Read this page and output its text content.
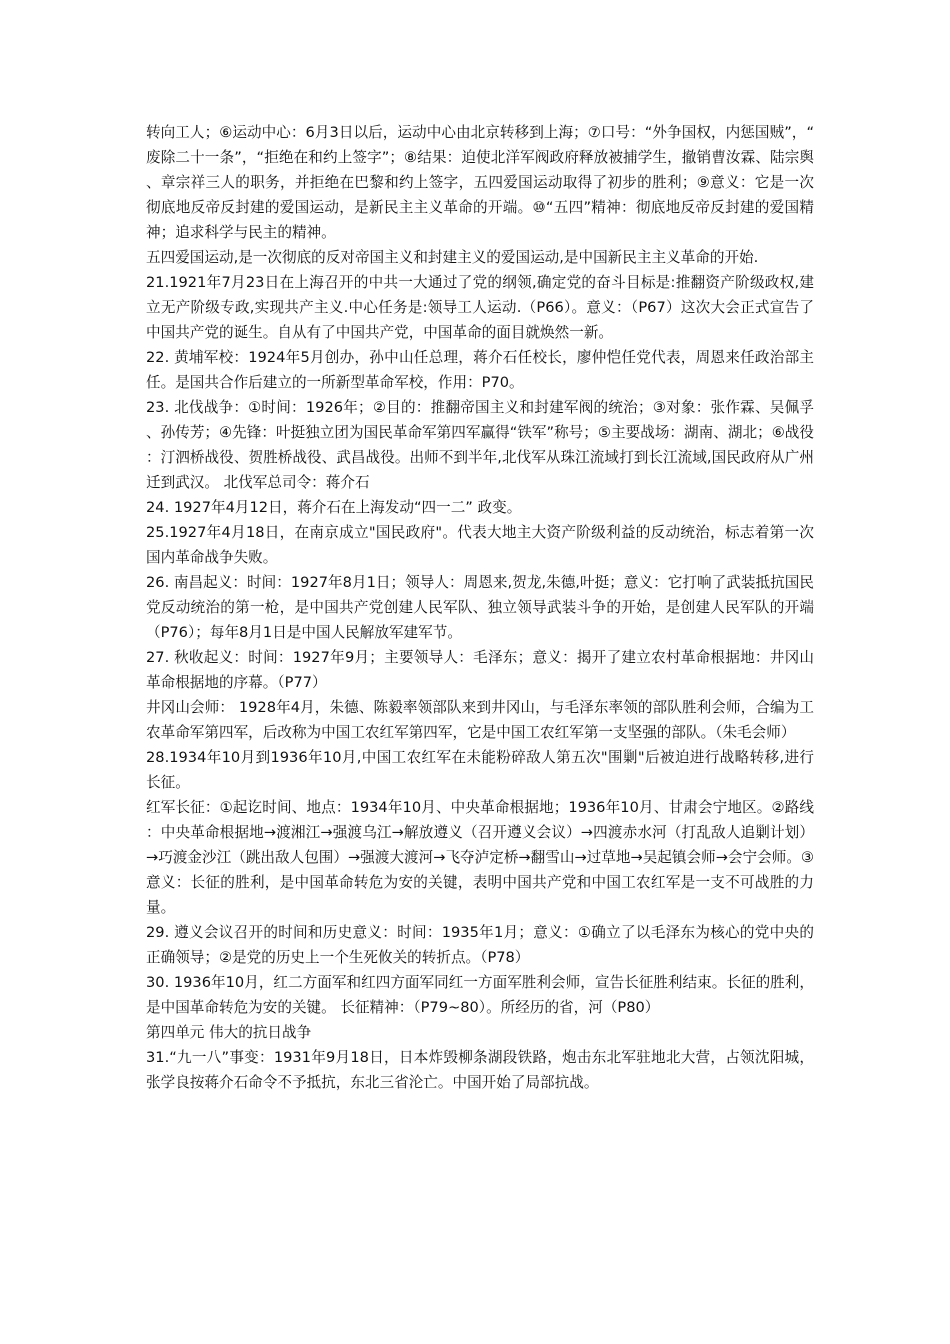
转向工人；⑥运动中心：6月3日以后，运动中心由北京转移到上海；⑦口号：“外争国权，内惩国贼”，“废除二十一条”，“拒绝在和约上签字”；⑧结果：迫使北洋军阀政府释放被捕学生，撤销曹汝霖、陆宗舆、章宗祥三人的职务，并拒绝在巴黎和约上签字，五四爱国运动取得了初步的胜利；⑨意义：它是一次彻底地反帝反封建的爱国运动，是新民主主义革命的开端。⑩“五四”精神：彻底地反帝反封建的爱国精神；追求科学与民主的精神。

五四爱国运动,是一次彻底的反对帝国主义和封建主义的爱国运动,是中国新民主主义革命的开始.

21.1921年7月23日在上海召开的中共一大通过了党的纲领,确定党的奋斗目标是:推翻资产阶级政权,建立无产阶级专政,实现共产主义.中心任务是:领导工人运动.（P66）。意义：（P67）这次大会正式宣告了中国共产党的诞生。自从有了中国共产党，中国革命的面目就焕然一新。

22. 黄埔军校：1924年5月创办，孙中山任总理，蒋介石任校长，廖仲恺任党代表，周恩来任政治部主任。是国共合作后建立的一所新型革命军校，作用：P70。

23. 北伐战争：①时间：1926年；②目的：推翻帝国主义和封建军阀的统治；③对象：张作霖、吴佩孚、孙传芳；④先锋：叶挺独立团为国民革命军第四军赢得“铁军”称号；⑤主要战场：湖南、湖北；⑥战役：汀泗桥战役、贺胜桥战役、武昌战役。出师不到半年,北伐军从珠江流域打到长江流域,国民政府从广州迁到武汉。 北伐军总司令：蒋介石

24. 1927年4月12日，蒋介石在上海发动“四一二” 政变。

25.1927年4月18日，在南京成立"国民政府"。代表大地主大资产阶级利益的反动统治，标志着第一次国内革命战争失败。

26. 南昌起义：时间：1927年8月1日；领导人：周恩来,贺龙,朱德,叶挺；意义：它打响了武装抵抗国民党反动统治的第一枪，是中国共产党创建人民军队、独立领导武装斗争的开始，是创建人民军队的开端（P76）；每年8月1日是中国人民解放军建军节。

27. 秋收起义：时间：1927年9月；主要领导人：毛泽东；意义：揭开了建立农村革命根据地：井冈山革命根据地的序幕。（P77）

井冈山会师： 1928年4月，朱德、陈毅率领部队来到井冈山，与毛泽东率领的部队胜利会师，合编为工农革命军第四军，后改称为中国工农红军第四军，它是中国工农红军第一支坚强的部队。（朱毛会师）

28.1934年10月到1936年10月,中国工农红军在未能粉碎敌人第五次"围剿"后被迫进行战略转移,进行长征。

红军长征：①起讫时间、地点：1934年10月、中央革命根据地；1936年10月、甘肃会宁地区。②路线：中央革命根据地→渡湘江→强渡乌江→解放遵义（召开遵义会议）→四渡赤水河（打乱敌人追剿计划）→巧渡金沙江（跳出敌人包围）→强渡大渡河→飞夺泸定桥→翻雪山→过草地→吴起镇会师→会宁会师。③意义：长征的胜利，是中国革命转危为安的关键，表明中国共产党和中国工农红军是一支不可战胜的力量。

29. 遵义会议召开的时间和历史意义：时间：1935年1月；意义：①确立了以毛泽东为核心的党中央的正确领导；②是党的历史上一个生死攸关的转折点。（P78）

30. 1936年10月，红二方面军和红四方面军同红一方面军胜利会师，宣告长征胜利结束。长征的胜利，是中国革命转危为安的关键。 长征精神：（P79~80）。所经历的省，河（P80）

第四单元 伟大的抗日战争

31.“九一八”事变：1931年9月18日，日本炸毁柳条湖段铁路，炮击东北军驻地北大营，占领沈阳城，张学良按蒋介石命令不予抵抗，东北三省沦亡。中国开始了局部抗战。
